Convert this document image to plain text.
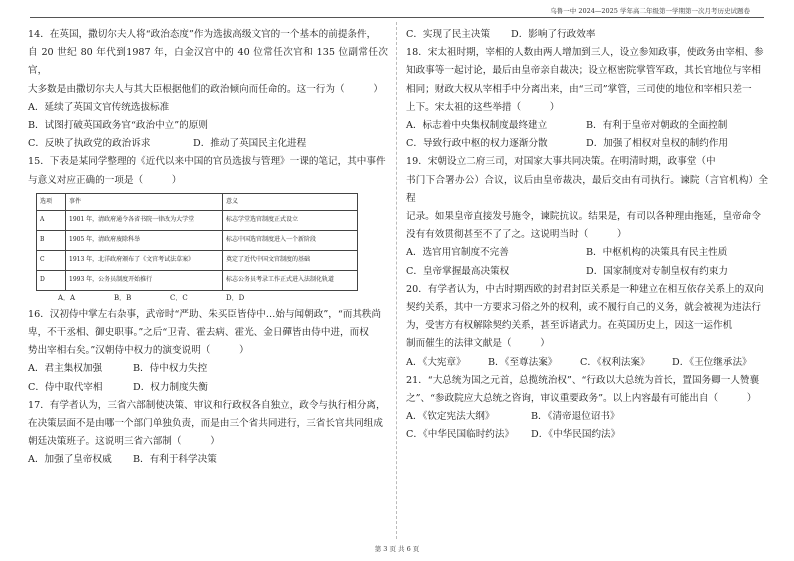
乌鲁一中 2024—2025 学年高二年级第一学期第一次月考历史试题卷

14．在英国，撒切尔夫人将“政治态度”作为选拔高级文官的一个基本的前提条件，

自 20 世纪 80 年代到1987 年，白金汉宫中的 40 位常任次官和 135 位副常任次官，

大多数是由撒切尔夫人与其大臣根据他们的政治倾向而任命的。这一行为（　　　）

A．延续了英国文官传统选拔标准

B．试图打破英国政务官“政治中立”的原则

C．反映了执政党的政治诉求	D．推动了英国民主化进程

15．下表是某同学整理的《近代以来中国的官员选拔与管理》一课的笔记，其中事件

与意义对应正确的一项是（　　　）

选项	事件	意义
A	1901 年，清政府通令各省书院一律改为大学堂	标志学堂选官制度正式设立
B	1905 年，清政府废除科举	标志中国选官制度进入一个新阶段
C	1913 年，北洋政府颁布了《文官考试法草案》	奠定了近代中国文官制度的基础
D	1993 年，公务员制度开始推行	标志公务员考录工作正式进入法制化轨道
A．A	B．B	C．C	D．D

16．汉初侍中掌左右杂事，武帝时“严助、朱买臣皆侍中…始与闻朝政”，“而其秩尚

卑，不干丞相、御史职事。”之后“卫青、霍去病、霍光、金日磾皆由侍中进，而权

势出宰相右矣。”汉朝侍中权力的演变说明（　　　）

A．君主集权加强	B．侍中权力失控
C．侍中取代宰相	D．权力制度失衡

17．有学者认为，三省六部制使决策、审议和行政权各自独立，政令与执行相分离，

在决策层面不是由哪一个部门单独负责，而是由三个省共同进行，三省长官共同组成

朝廷决策班子。这说明三省六部制（　　　）

A．加强了皇帝权威	B．有利于科学决策
C．实现了民主决策	D．影响了行政效率

18．宋太祖时期，宰相的人数由两人增加到三人，设立参知政事，使政务由宰相、参

知政事等一起讨论，最后由皇帝亲自裁决；设立枢密院掌管军政，其长官地位与宰相

相同；财政大权从宰相手中分离出来，由“三司”掌管，三司使的地位和宰相只差一

上下。宋太祖的这些举措（　　　）

A．标志着中央集权制度最终建立	B．有利于皇帝对朝政的全面控制
C．导致行政中枢的权力逐渐分散	D．加强了相权对皇权的制约作用

19．宋朝设立二府三司，对国家大事共同决策。在明清时期，政事堂（中

书门下合署办公）合议，议后由皇帝裁决，最后交由有司执行。谏院（言官机构）全程

记录。如果皇帝直接发号施令，谏院抗议。结果是，有司以各种理由拖延，皇帝命令

没有有效贯彻甚至不了了之。这说明当时（　　　）

A．选官用官制度不完善	B．中枢机构的决策具有民主性质
C．皇帝掌握最高决策权	D．国家制度对专制皇权有约束力

20．有学者认为，中古时期西欧的封君封臣关系是一种建立在相互依存关系上的双向

契约关系，其中一方要求习俗之外的权利，或不履行自己的义务，就会被视为违法行

为，受害方有权解除契约关系，甚至诉诸武力。在英国历史上，因这一运作机

制而催生的法律文献是（　　　）

A．《大宪章》	B．《至尊法案》	C．《权利法案》	D．《王位继承法》

21．“大总统为国之元首，总揽统治权”、“行政以大总统为首长，置国务卿一人赞襄

之”、“参政院应大总统之咨询，审议重要政务”。以上内容最有可能出自（　　　）

A．《钦定宪法大纲》	B．《清帝退位诏书》
C．《中华民国临时约法》	D．《中华民国约法》
第 3 页 共 6 页
